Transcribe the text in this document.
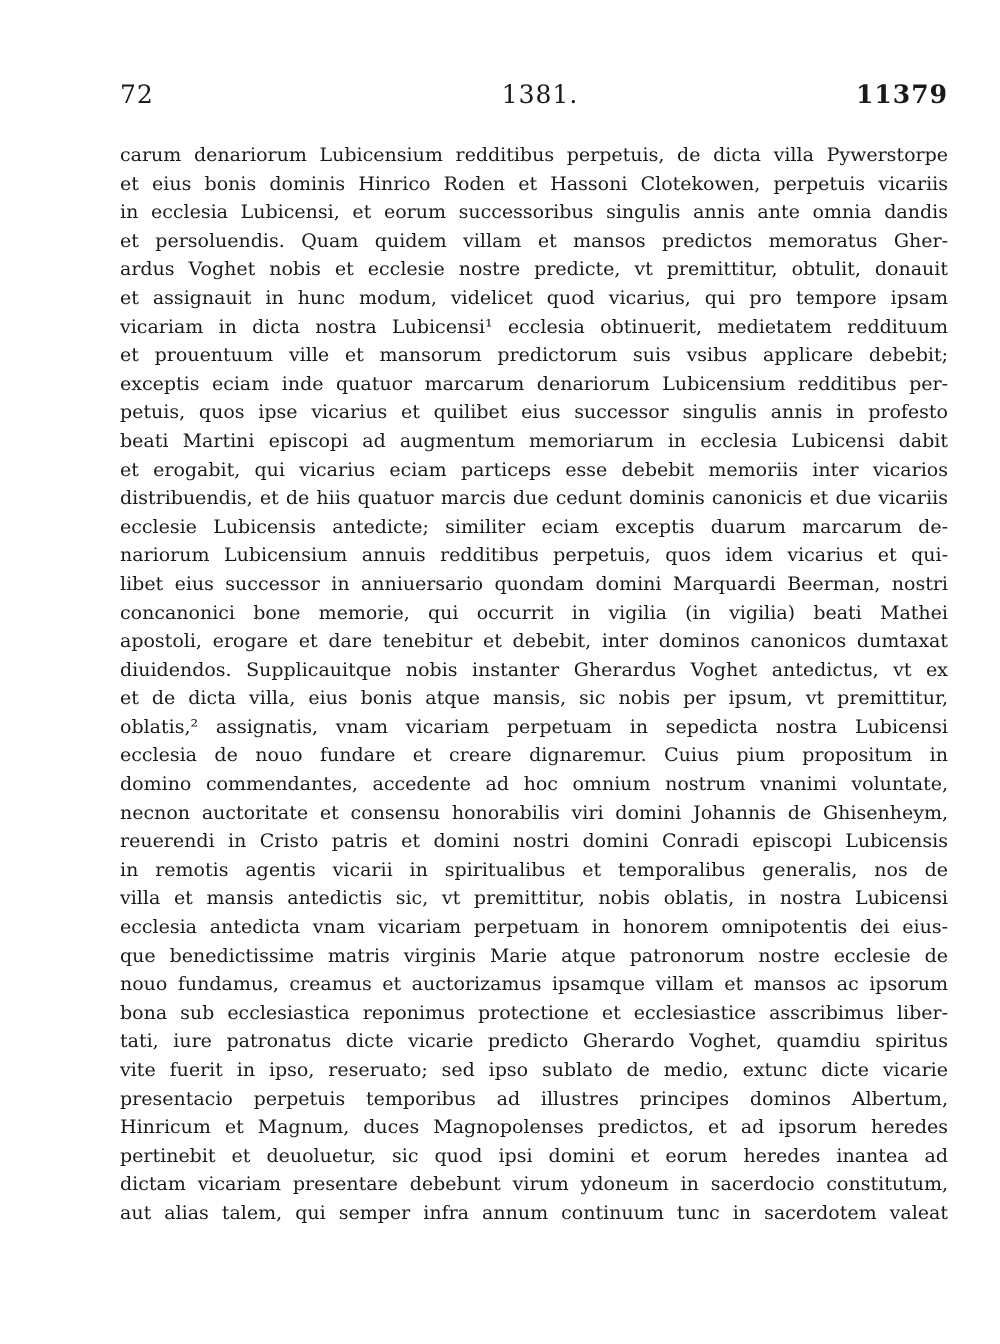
72	1381.	11379
carum denariorum Lubicensium redditibus perpetuis, de dicta villa Pywerstorpe
et eius bonis dominis Hinrico Roden et Hassoni Clotekowen, perpetuis vicariis
in ecclesia Lubicensi, et eorum successoribus singulis annis ante omnia dandis
et persoluendis. Quam quidem villam et mansos predictos memoratus Gher-
ardus Voghet nobis et ecclesie nostre predicte, vt premittitur, obtulit, donauit
et assignauit in hunc modum, videlicet quod vicarius, qui pro tempore ipsam
vicariam in dicta nostra Lubicensi¹ ecclesia obtinuerit, medietatem reddituum
et prouentuum ville et mansorum predictorum suis vsibus applicare debebit;
exceptis eciam inde quatuor marcarum denariorum Lubicensium redditibus per-
petuis, quos ipse vicarius et quilibet eius successor singulis annis in profesto
beati Martini episcopi ad augmentum memoriarum in ecclesia Lubicensi dabit
et erogabit, qui vicarius eciam particeps esse debebit memoriis inter vicarios
distribuendis, et de hiis quatuor marcis due cedunt dominis canonicis et due vicariis
ecclesie Lubicensis antedicte; similiter eciam exceptis duarum marcarum de-
nariorum Lubicensium annuis redditibus perpetuis, quos idem vicarius et qui-
libet eius successor in anniuersario quondam domini Marquardi Beerman, nostri
concanonici bone memorie, qui occurrit in vigilia (in vigilia) beati Mathei
apostoli, erogare et dare tenebitur et debebit, inter dominos canonicos dumtaxat
diuidendos. Supplicauitque nobis instanter Gherardus Voghet antedictus, vt ex
et de dicta villa, eius bonis atque mansis, sic nobis per ipsum, vt premittitur,
oblatis,² assignatis, vnam vicariam perpetuam in sepedicta nostra Lubicensi
ecclesia de nouo fundare et creare dignaremur. Cuius pium propositum in
domino commendantes, accedente ad hoc omnium nostrum vnanimi voluntate,
necnon auctoritate et consensu honorabilis viri domini Johannis de Ghisenheym,
reuerendi in Cristo patris et domini nostri domini Conradi episcopi Lubicensis
in remotis agentis vicarii in spiritualibus et temporalibus generalis, nos de
villa et mansis antedictis sic, vt premittitur, nobis oblatis, in nostra Lubicensi
ecclesia antedicta vnam vicariam perpetuam in honorem omnipotentis dei eius-
que benedictissime matris virginis Marie atque patronorum nostre ecclesie de
nouo fundamus, creamus et auctorizamus ipsamque villam et mansos ac ipsorum
bona sub ecclesiastica reponimus protectione et ecclesiastice asscribimus liber-
tati, iure patronatus dicte vicarie predicto Gherardo Voghet, quamdiu spiritus
vite fuerit in ipso, reseruato; sed ipso sublato de medio, extunc dicte vicarie
presentacio perpetuis temporibus ad illustres principes dominos Albertum,
Hinricum et Magnum, duces Magnopolenses predictos, et ad ipsorum heredes
pertinebit et deuoluetur, sic quod ipsi domini et eorum heredes inantea ad
dictam vicariam presentare debebunt virum ydoneum in sacerdocio constitutum,
aut alias talem, qui semper infra annum continuum tunc in sacerdotem valeat
